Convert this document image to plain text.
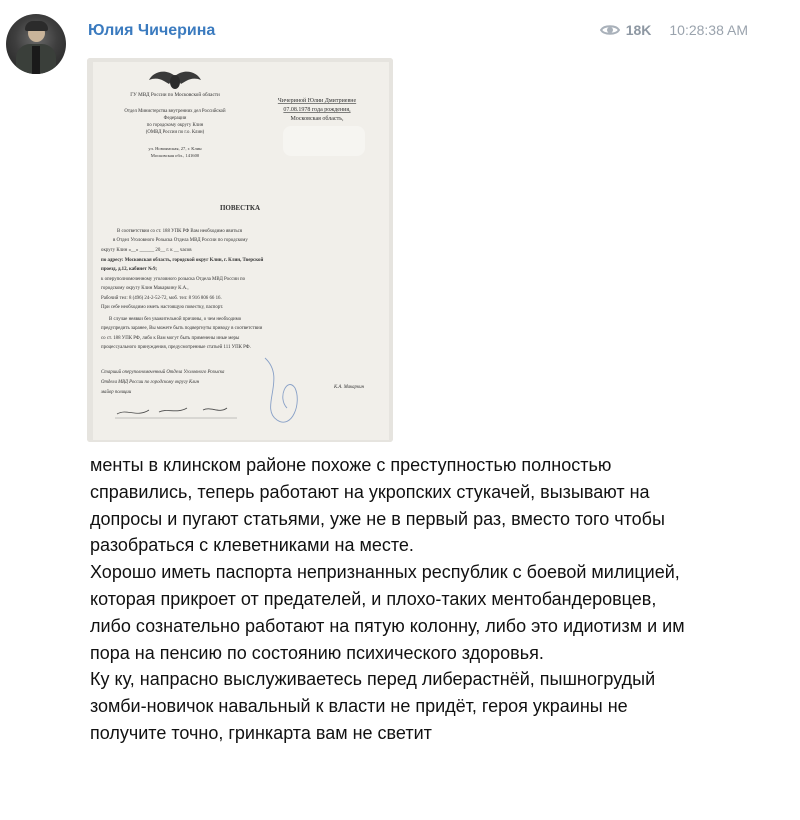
Юлия Чичерина	18K 10:28:38 AM
ГУ МВД России по Московской области
Отдел Министерства внутренних дел Российской
Федерации
по городскому округу Клин
(ОМВД России по г.о. Клин)
ул. Новоямская, 27, г. Клин
Московская обл., 141600
Чичериной Юлии Дмитриевне
07.08.1978 года рождения,
Московская область,
ПОВЕСТКА
В соответствии со ст. 188 УПК РФ Вам необходимо явиться
в Отдел Уголовного Розыска Отдела МВД России по городскому
округу Клин «__» ______ 20__ г. к __ часов
по адресу: Московская область, городской округ Клин, г. Клин, Тверской
проезд, д.12, кабинет №9;
к оперуполномоченному уголовного розыска Отдела МВД России по
городскому округу Клин Макаркину К.А.,
Рабочий тел: 8 (496) 24-2-52-72, моб. тел: 8 916 806 66 16.
При себе необходимо иметь настоящую повестку, паспорт.
В случае неявки без уважительной причины, о чем необходимо
предупредить заранее, Вы можете быть подвергнуты приводу в соответствии
со ст. 188 УПК РФ, либо к Вам могут быть применены иные меры
процессуального принуждения, предусмотренные статьей 111 УПК РФ.
Старший оперуполномоченный Отдела Уголовного Розыска
Отдела МВД России по городскому округу Клин
майор полиции
К.А. Макаркин

менты в клинском районе похоже с преступностью полностью справились, теперь работают на укропских стукачей, вызывают на допросы и пугают статьями, уже не в первый раз, вместо того чтобы разобраться с клеветниками на месте.

Хорошо иметь паспорта непризнанных республик с боевой милицией, которая прикроет от предателей, и плохо-таких ментобандеровцев, либо сознательно работают на пятую колонну, либо это идиотизм и им пора на пенсию по состоянию психического здоровья.

Ку ку, напрасно выслуживаетесь перед либерастнёй, пышногрудый зомби-новичок навальный к власти не придёт, героя украины не получите точно, гринкарта вам не светит
